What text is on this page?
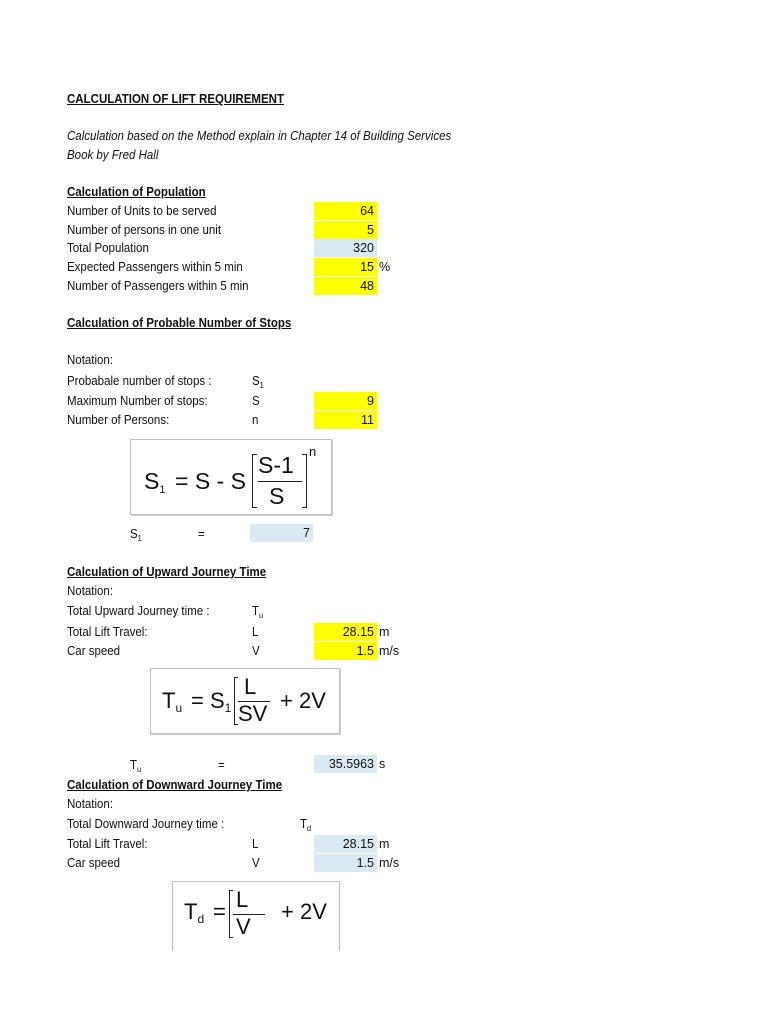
CALCULATION OF LIFT REQUIREMENT
Calculation based on the Method explain in Chapter 14 of Building Services
Book by Fred Hall
Calculation of Population
Number of Units to be served	64
Number of persons in one unit	5
Total Population	320
Expected Passengers within 5 min	15 %
Number of Passengers within 5 min	48
Calculation of Probable Number of Stops
Notation:
Probabale number of stops :	$S_1$
Maximum Number of stops:	S	9
Number of Persons:	n	11
S1 = S - S
S-1
S
n
$S_1$	=	7
Calculation of Upward Journey Time
Notation:
Total Upward Journey time :	$T_u$
Total Lift Travel:	L	28.15 m
Car speed	V	1.5 m/s
Tu = S1
L
SV
+ 2V
$T_u$	=	35.5963 s
Calculation of Downward Journey Time
Notation:
Total Downward Journey time :	$T_d$
Total Lift Travel:	L	28.15 m
Car speed	V	1.5 m/s
Td = L
V
+ 2V
